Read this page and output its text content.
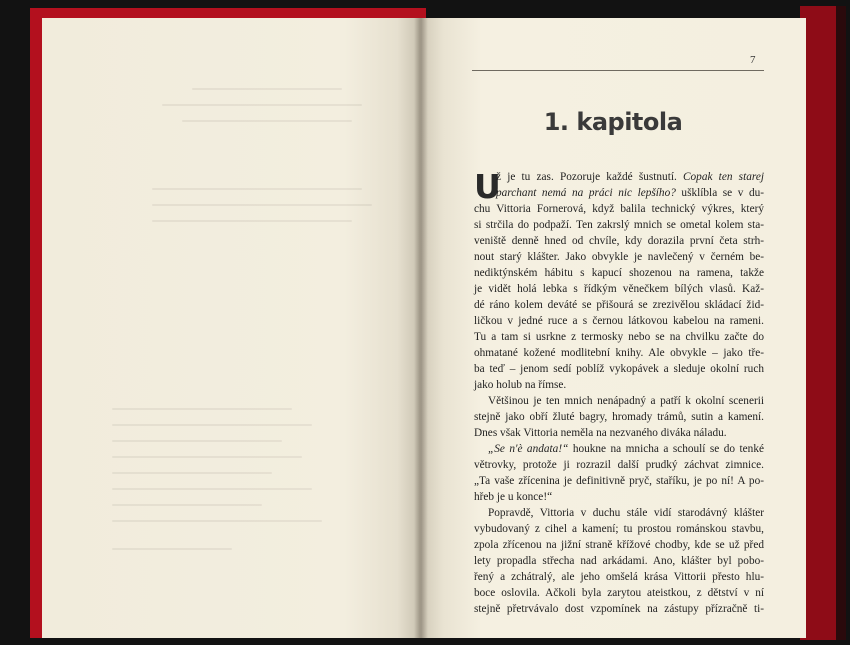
7
1. kapitola
U
ž je tu zas. Pozoruje každé šustnutí. Copak ten starej
parchant nemá na práci nic lepšího? ušklíbla se v du-
chu Vittoria Fornerová, když balila technický výkres, který
si strčila do podpaží. Ten zakrslý mnich se ometal kolem sta-
veniště denně hned od chvíle, kdy dorazila první četa strh-
nout starý klášter. Jako obvykle je navlečený v černém be-
nediktýnském hábitu s kapucí shozenou na ramena, takže
je vidět holá lebka s řídkým věnečkem bílých vlasů. Kaž-
dé ráno kolem deváté se přišourá se zrezivělou skládací žid-
ličkou v jedné ruce a s černou látkovou kabelou na rameni.
Tu a tam si usrkne z termosky nebo se na chvilku začte do
ohmatané kožené modlitební knihy. Ale obvykle – jako tře-
ba teď – jenom sedí poblíž vykopávek a sleduje okolní ruch
jako holub na římse.
Většinou je ten mnich nenápadný a patří k okolní scenerii
stejně jako obří žluté bagry, hromady trámů, sutin a kamení.
Dnes však Vittoria neměla na nezvaného diváka náladu.
„Se n'è andata!“ houkne na mnicha a schoulí se do tenké
větrovky, protože ji rozrazil další prudký záchvat zimnice.
„Ta vaše zřícenina je definitivně pryč, staříku, je po ní! A po-
hřeb je u konce!“
Popravdě, Vittoria v duchu stále vidí starodávný klášter
vybudovaný z cihel a kamení; tu prostou románskou stavbu,
zpola zřícenou na jižní straně křížové chodby, kde se už před
lety propadla střecha nad arkádami. Ano, klášter byl pobo-
řený a zchátralý, ale jeho omšelá krása Vittorii přesto hlu-
boce oslovila. Ačkoli byla zarytou ateistkou, z dětství v ní
stejně přetrvávalo dost vzpomínek na zástupy přízračně ti-
